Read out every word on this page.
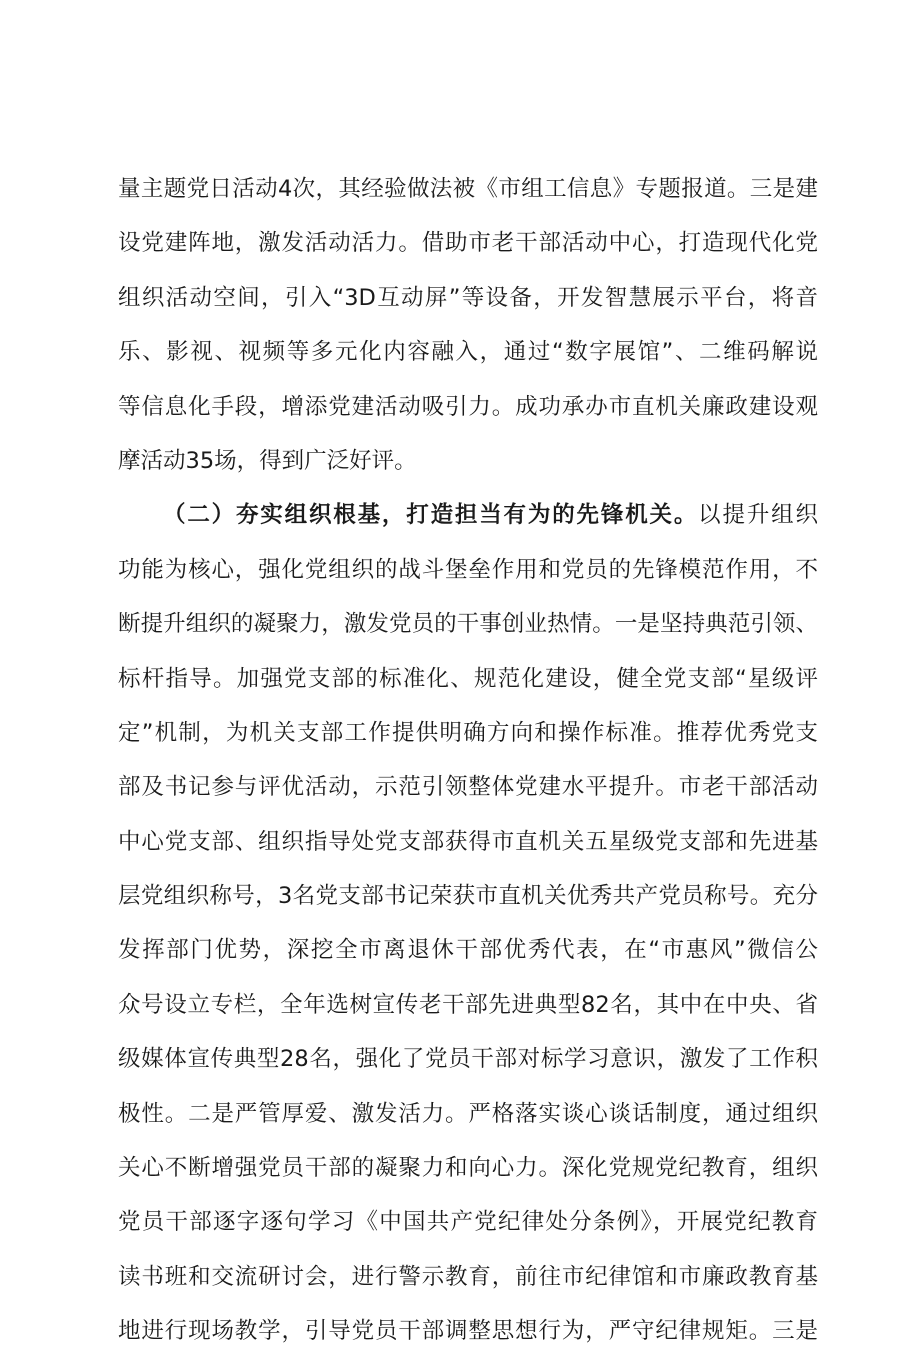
量主题党日活动4次，其经验做法被《市组工信息》专题报道。三是建
设党建阵地，激发活动活力。借助市老干部活动中心，打造现代化党
组织活动空间，引入“3D互动屏”等设备，开发智慧展示平台，将音
乐、影视、视频等多元化内容融入，通过“数字展馆”、二维码解说
等信息化手段，增添党建活动吸引力。成功承办市直机关廉政建设观
摩活动35场，得到广泛好评。
（二）夯实组织根基，打造担当有为的先锋机关。以提升组织
功能为核心，强化党组织的战斗堡垒作用和党员的先锋模范作用，不
断提升组织的凝聚力，激发党员的干事创业热情。一是坚持典范引领、
标杆指导。加强党支部的标准化、规范化建设，健全党支部“星级评
定”机制，为机关支部工作提供明确方向和操作标准。推荐优秀党支
部及书记参与评优活动，示范引领整体党建水平提升。市老干部活动
中心党支部、组织指导处党支部获得市直机关五星级党支部和先进基
层党组织称号，3名党支部书记荣获市直机关优秀共产党员称号。充分
发挥部门优势，深挖全市离退休干部优秀代表，在“市惠风”微信公
众号设立专栏，全年选树宣传老干部先进典型82名，其中在中央、省
级媒体宣传典型28名，强化了党员干部对标学习意识，激发了工作积
极性。二是严管厚爱、激发活力。严格落实谈心谈话制度，通过组织
关心不断增强党员干部的凝聚力和向心力。深化党规党纪教育，组织
党员干部逐字逐句学习《中国共产党纪律处分条例》，开展党纪教育
读书班和交流研讨会，进行警示教育，前往市纪律馆和市廉政教育基
地进行现场教学，引导党员干部调整思想行为，严守纪律规矩。三是
